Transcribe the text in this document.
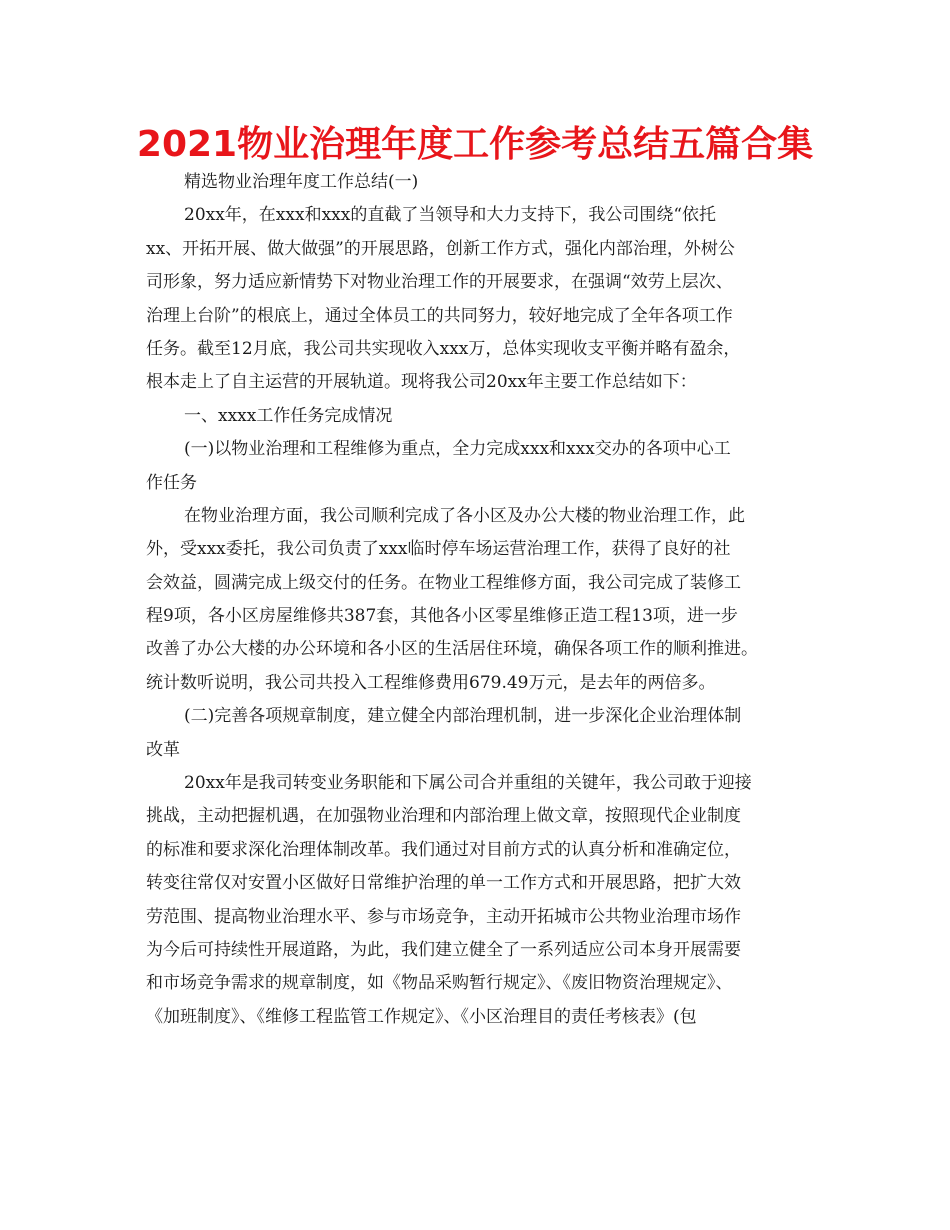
2021物业治理年度工作参考总结五篇合集
精选物业治理年度工作总结(一)
20xx年，在xxx和xxx的直截了当领导和大力支持下，我公司围绕“依托
xx、开拓开展、做大做强”的开展思路，创新工作方式，强化内部治理，外树公
司形象，努力适应新情势下对物业治理工作的开展要求，在强调“效劳上层次、
治理上台阶”的根底上，通过全体员工的共同努力，较好地完成了全年各项工作
任务。截至12月底，我公司共实现收入xxx万，总体实现收支平衡并略有盈余，
根本走上了自主运营的开展轨道。现将我公司20xx年主要工作总结如下：
一、xxxx工作任务完成情况
(一)以物业治理和工程维修为重点，全力完成xxx和xxx交办的各项中心工
作任务
在物业治理方面，我公司顺利完成了各小区及办公大楼的物业治理工作，此
外，受xxx委托，我公司负责了xxx临时停车场运营治理工作，获得了良好的社
会效益，圆满完成上级交付的任务。在物业工程维修方面，我公司完成了装修工
程9项，各小区房屋维修共387套，其他各小区零星维修正造工程13项，进一步
改善了办公大楼的办公环境和各小区的生活居住环境，确保各项工作的顺利推进。
统计数听说明，我公司共投入工程维修费用679.49万元，是去年的两倍多。
(二)完善各项规章制度，建立健全内部治理机制，进一步深化企业治理体制
改革
20xx年是我司转变业务职能和下属公司合并重组的关键年，我公司敢于迎接
挑战，主动把握机遇，在加强物业治理和内部治理上做文章，按照现代企业制度
的标准和要求深化治理体制改革。我们通过对目前方式的认真分析和准确定位，
转变往常仅对安置小区做好日常维护治理的单一工作方式和开展思路，把扩大效
劳范围、提高物业治理水平、参与市场竞争，主动开拓城市公共物业治理市场作
为今后可持续性开展道路，为此，我们建立健全了一系列适应公司本身开展需要
和市场竞争需求的规章制度，如《物品采购暂行规定》、《废旧物资治理规定》、
《加班制度》、《维修工程监管工作规定》、《小区治理目的责任考核表》(包
